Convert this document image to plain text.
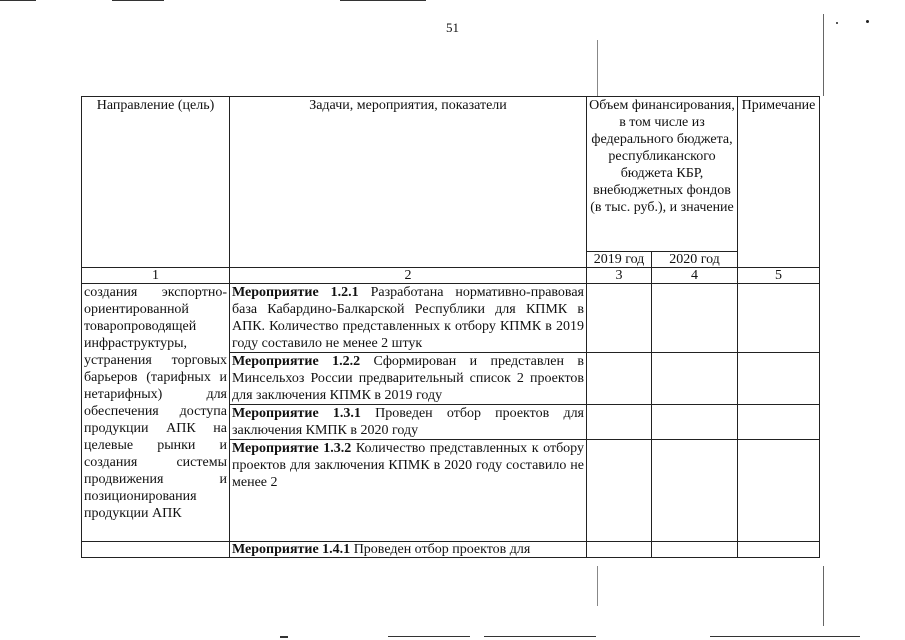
51
Направление (цель)	Задачи, мероприятия, показатели	Объем финансирования, в том числе из федерального бюджета, республиканского бюджета КБР, внебюджетных фондов (в тыс. руб.), и значение		Примечание
		2019 год	2020 год	
1	2	3	4	5
создания экспортно-ориентированной товаропроводящей инфраструктуры, устранения торговых барьеров (тарифных и нетарифных) для обеспечения доступа продукции АПК на целевые рынки и создания системы продвижения и позиционирования продукции АПК	Мероприятие 1.2.1 Разработана нормативно-правовая база Кабардино-Балкарской Республики для КПМК в АПК. Количество представленных к отбору КПМК в 2019 году составило не менее 2 штук			
	Мероприятие 1.2.2 Сформирован и представлен в Минсельхоз России предварительный список 2 проектов для заключения КПМК в 2019 году			
	Мероприятие 1.3.1 Проведен отбор проектов для заключения КМПК в 2020 году			
	Мероприятие 1.3.2 Количество представленных к отбору проектов для заключения КПМК в 2020 году составило не менее 2			
	Мероприятие 1.4.1 Проведен отбор проектов для			
